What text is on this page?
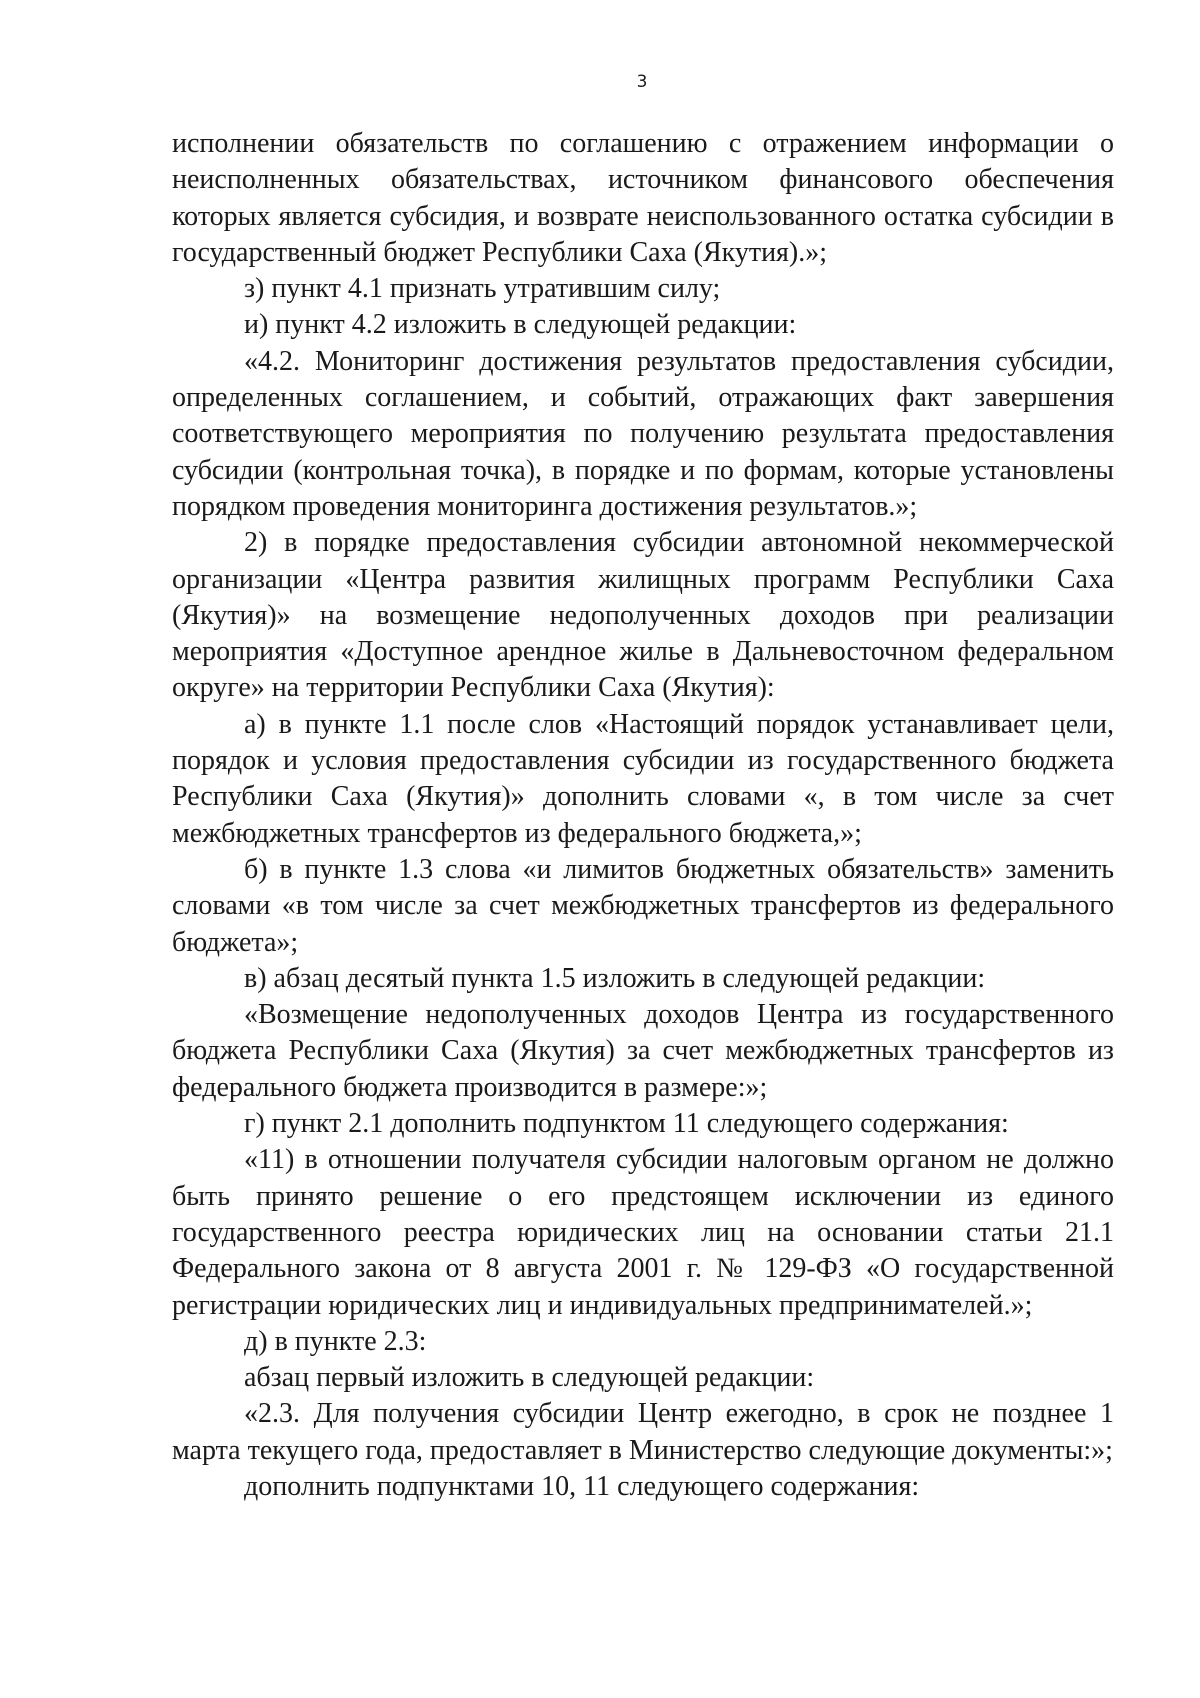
3

исполнении обязательств по соглашению с отражением информации о неисполненных обязательствах, источником финансового обеспечения которых является субсидия, и возврате неиспользованного остатка субсидии в государственный бюджет Республики Саха (Якутия).»;

з) пункт 4.1 признать утратившим силу;

и) пункт 4.2 изложить в следующей редакции:

«4.2. Мониторинг достижения результатов предоставления субсидии, определенных соглашением, и событий, отражающих факт завершения соответствующего мероприятия по получению результата предоставления субсидии (контрольная точка), в порядке и по формам, которые установлены порядком проведения мониторинга достижения результатов.»;

2) в порядке предоставления субсидии автономной некоммерческой организации «Центра развития жилищных программ Республики Саха (Якутия)» на возмещение недополученных доходов при реализации мероприятия «Доступное арендное жилье в Дальневосточном федеральном округе» на территории Республики Саха (Якутия):

а) в пункте 1.1 после слов «Настоящий порядок устанавливает цели, порядок и условия предоставления субсидии из государственного бюджета Республики Саха (Якутия)» дополнить словами «, в том числе за счет межбюджетных трансфертов из федерального бюджета,»;

б) в пункте 1.3 слова «и лимитов бюджетных обязательств» заменить словами «в том числе за счет межбюджетных трансфертов из федерального бюджета»;

в) абзац десятый пункта 1.5 изложить в следующей редакции:

«Возмещение недополученных доходов Центра из государственного бюджета Республики Саха (Якутия) за счет межбюджетных трансфертов из федерального бюджета производится в размере:»;

г) пункт 2.1 дополнить подпунктом 11 следующего содержания:

«11) в отношении получателя субсидии налоговым органом не должно быть принято решение о его предстоящем исключении из единого государственного реестра юридических лиц на основании статьи 21.1 Федерального закона от 8 августа 2001 г. № 129-ФЗ «О государственной регистрации юридических лиц и индивидуальных предпринимателей.»;

д) в пункте 2.3:

абзац первый изложить в следующей редакции:

«2.3. Для получения субсидии Центр ежегодно, в срок не позднее 1 марта текущего года, предоставляет в Министерство следующие документы:»;

дополнить подпунктами 10, 11 следующего содержания:
